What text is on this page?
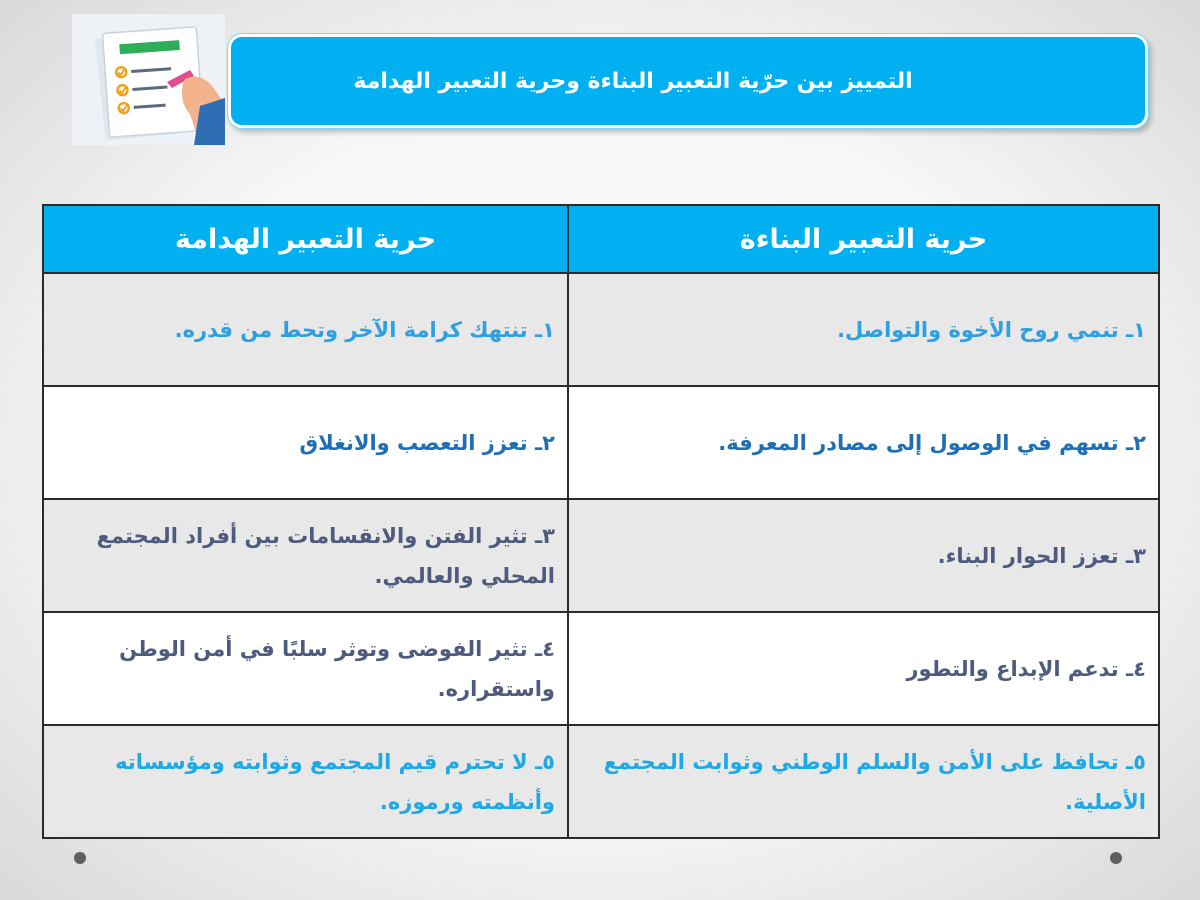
التمييز بين حرّية التعبير البناءة وحرية التعبير الهدامة
حرية التعبير البناءة	حرية التعبير الهدامة
١ـ تنمي روح الأخوة والتواصل.	١ـ تنتهك كرامة الآخر وتحط من قدره.
٢ـ تسهم في الوصول إلى مصادر المعرفة.	٢ـ تعزز التعصب والانغلاق
٣ـ تعزز الحوار البناء.	٣ـ تثير الفتن والانقسامات بين أفراد المجتمع المحلي والعالمي.
٤ـ تدعم الإبداع والتطور	٤ـ تثير الفوضى وتوثر سلبًا في أمن الوطن واستقراره.
٥ـ تحافظ على الأمن والسلم الوطني وثوابت المجتمع الأصلية.	٥ـ لا تحترم قيم المجتمع وثوابته ومؤسساته وأنظمته ورموزه.
